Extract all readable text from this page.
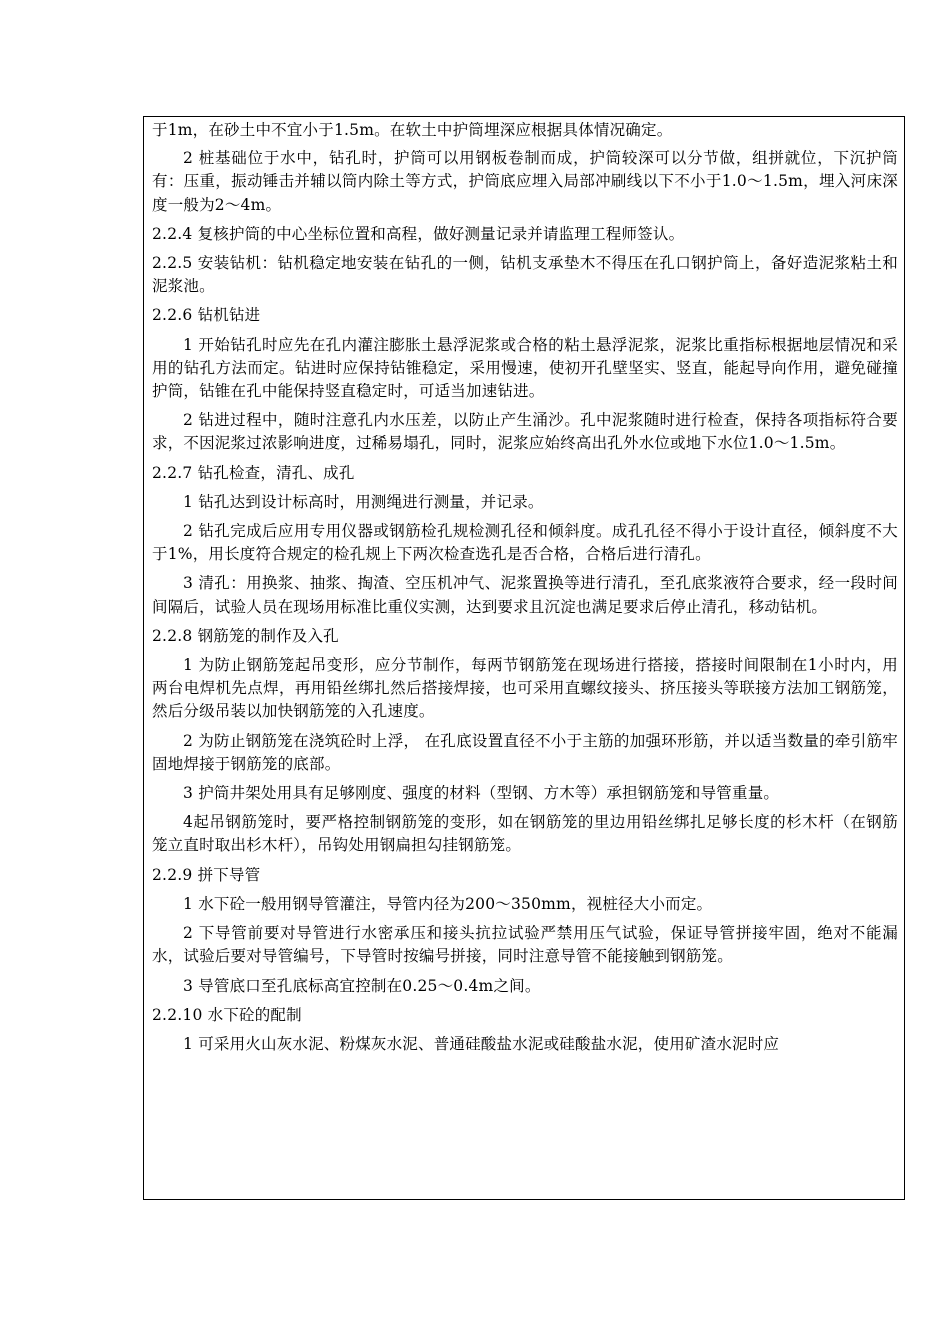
于1m，在砂土中不宜小于1.5m。在软土中护筒埋深应根据具体情况确定。

2 桩基础位于水中，钻孔时，护筒可以用钢板卷制而成，护筒较深可以分节做，组拼就位，下沉护筒有：压重，振动锤击并辅以筒内除土等方式，护筒底应埋入局部冲刷线以下不小于1.0～1.5m，埋入河床深度一般为2～4m。

2.2.4 复核护筒的中心坐标位置和高程，做好测量记录并请监理工程师签认。

2.2.5 安装钻机：钻机稳定地安装在钻孔的一侧，钻机支承垫木不得压在孔口钢护筒上，备好造泥浆粘土和泥浆池。

2.2.6 钻机钻进

1 开始钻孔时应先在孔内灌注膨胀土悬浮泥浆或合格的粘土悬浮泥浆，泥浆比重指标根据地层情况和采用的钻孔方法而定。钻进时应保持钻锥稳定，采用慢速，使初开孔壁坚实、竖直，能起导向作用，避免碰撞护筒，钻锥在孔中能保持竖直稳定时，可适当加速钻进。

2 钻进过程中，随时注意孔内水压差，以防止产生涌沙。孔中泥浆随时进行检查，保持各项指标符合要求，不因泥浆过浓影响进度，过稀易塌孔，同时，泥浆应始终高出孔外水位或地下水位1.0～1.5m。

2.2.7 钻孔检查，清孔、成孔

1 钻孔达到设计标高时，用测绳进行测量，并记录。

2 钻孔完成后应用专用仪器或钢筋检孔规检测孔径和倾斜度。成孔孔径不得小于设计直径，倾斜度不大于1%，用长度符合规定的检孔规上下两次检查选孔是否合格，合格后进行清孔。

3 清孔：用换浆、抽浆、掏渣、空压机冲气、泥浆置换等进行清孔，至孔底浆液符合要求，经一段时间间隔后，试验人员在现场用标准比重仪实测，达到要求且沉淀也满足要求后停止清孔，移动钻机。

2.2.8 钢筋笼的制作及入孔

1 为防止钢筋笼起吊变形，应分节制作，每两节钢筋笼在现场进行搭接，搭接时间限制在1小时内，用两台电焊机先点焊，再用铅丝绑扎然后搭接焊接，也可采用直螺纹接头、挤压接头等联接方法加工钢筋笼，然后分级吊装以加快钢筋笼的入孔速度。

2 为防止钢筋笼在浇筑砼时上浮， 在孔底设置直径不小于主筋的加强环形筋，并以适当数量的牵引筋牢固地焊接于钢筋笼的底部。

3 护筒井架处用具有足够刚度、强度的材料（型钢、方木等）承担钢筋笼和导管重量。

4起吊钢筋笼时，要严格控制钢筋笼的变形，如在钢筋笼的里边用铅丝绑扎足够长度的杉木杆（在钢筋笼立直时取出杉木杆），吊钩处用钢扁担勾挂钢筋笼。

2.2.9 拼下导管

1 水下砼一般用钢导管灌注，导管内径为200～350mm，视桩径大小而定。

2 下导管前要对导管进行水密承压和接头抗拉试验严禁用压气试验，保证导管拼接牢固，绝对不能漏水，试验后要对导管编号，下导管时按编号拼接，同时注意导管不能接触到钢筋笼。

3 导管底口至孔底标高宜控制在0.25～0.4m之间。

2.2.10 水下砼的配制

1 可采用火山灰水泥、粉煤灰水泥、普通硅酸盐水泥或硅酸盐水泥，使用矿渣水泥时应
